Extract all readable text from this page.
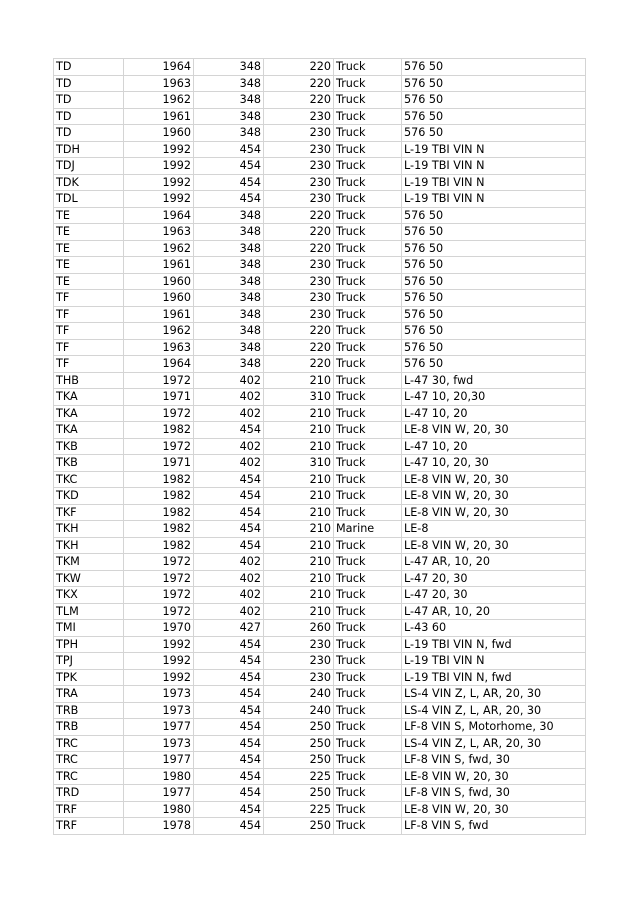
TD	1964	348	220	Truck	576 50
TD	1963	348	220	Truck	576 50
TD	1962	348	220	Truck	576 50
TD	1961	348	230	Truck	576 50
TD	1960	348	230	Truck	576 50
TDH	1992	454	230	Truck	L-19 TBI VIN N
TDJ	1992	454	230	Truck	L-19 TBI VIN N
TDK	1992	454	230	Truck	L-19 TBI VIN N
TDL	1992	454	230	Truck	L-19 TBI VIN N
TE	1964	348	220	Truck	576 50
TE	1963	348	220	Truck	576 50
TE	1962	348	220	Truck	576 50
TE	1961	348	230	Truck	576 50
TE	1960	348	230	Truck	576 50
TF	1960	348	230	Truck	576 50
TF	1961	348	230	Truck	576 50
TF	1962	348	220	Truck	576 50
TF	1963	348	220	Truck	576 50
TF	1964	348	220	Truck	576 50
THB	1972	402	210	Truck	L-47 30, fwd
TKA	1971	402	310	Truck	L-47 10, 20,30
TKA	1972	402	210	Truck	L-47 10, 20
TKA	1982	454	210	Truck	LE-8 VIN W, 20, 30
TKB	1972	402	210	Truck	L-47 10, 20
TKB	1971	402	310	Truck	L-47 10, 20, 30
TKC	1982	454	210	Truck	LE-8 VIN W, 20, 30
TKD	1982	454	210	Truck	LE-8 VIN W, 20, 30
TKF	1982	454	210	Truck	LE-8 VIN W, 20, 30
TKH	1982	454	210	Marine	LE-8
TKH	1982	454	210	Truck	LE-8 VIN W, 20, 30
TKM	1972	402	210	Truck	L-47 AR, 10, 20
TKW	1972	402	210	Truck	L-47 20, 30
TKX	1972	402	210	Truck	L-47 20, 30
TLM	1972	402	210	Truck	L-47 AR, 10, 20
TMI	1970	427	260	Truck	L-43 60
TPH	1992	454	230	Truck	L-19 TBI VIN N, fwd
TPJ	1992	454	230	Truck	L-19 TBI VIN N
TPK	1992	454	230	Truck	L-19 TBI VIN N, fwd
TRA	1973	454	240	Truck	LS-4 VIN Z, L, AR, 20, 30
TRB	1973	454	240	Truck	LS-4 VIN Z, L, AR, 20, 30
TRB	1977	454	250	Truck	LF-8 VIN S, Motorhome, 30
TRC	1973	454	250	Truck	LS-4 VIN Z, L, AR, 20, 30
TRC	1977	454	250	Truck	LF-8 VIN S, fwd, 30
TRC	1980	454	225	Truck	LE-8 VIN W, 20, 30
TRD	1977	454	250	Truck	LF-8 VIN S, fwd, 30
TRF	1980	454	225	Truck	LE-8 VIN W, 20, 30
TRF	1978	454	250	Truck	LF-8 VIN S, fwd
